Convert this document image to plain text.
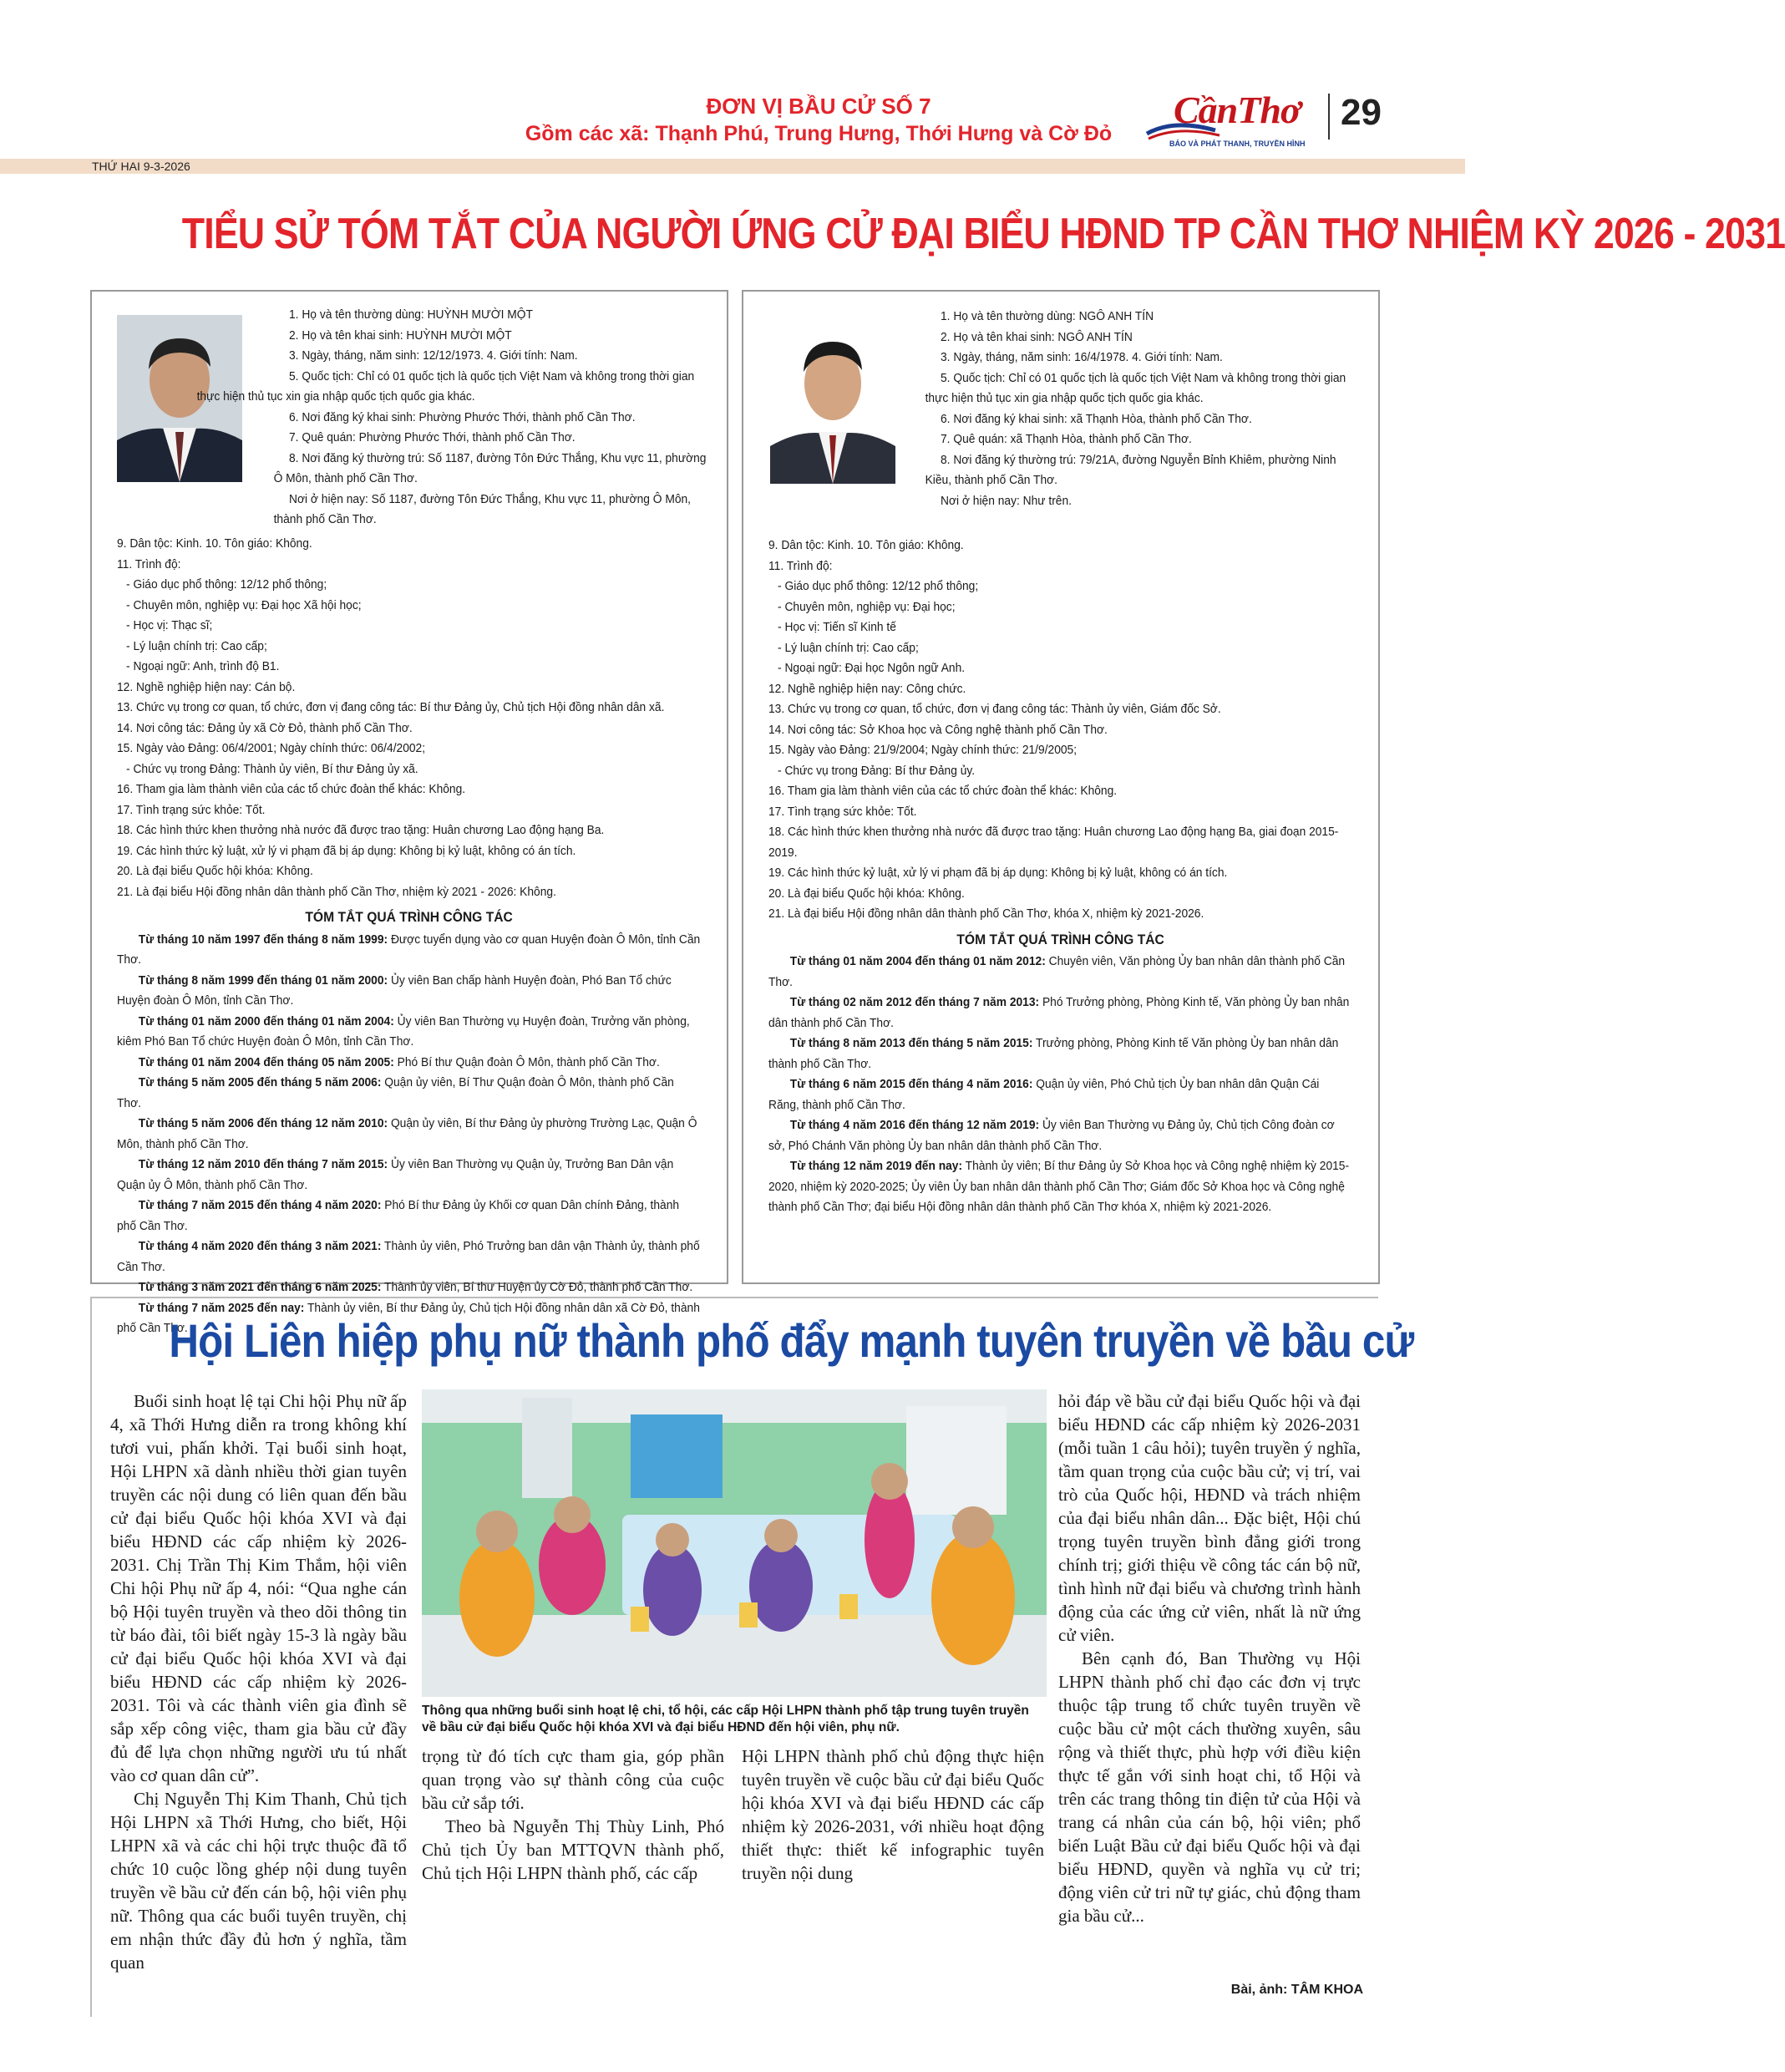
ĐƠN VỊ BẦU CỬ SỐ 7
Gồm các xã: Thạnh Phú, Trung Hưng, Thới Hưng và Cờ Đỏ
CầnThơ
BÁO VÀ PHÁT THANH, TRUYỀN HÌNH
29
THỨ HAI 9-3-2026
TIỂU SỬ TÓM TẮT CỦA NGƯỜI ỨNG CỬ ĐẠI BIỂU HĐND TP CẦN THƠ NHIỆM KỲ 2026 - 2031

1. Họ và tên thường dùng: HUỲNH MƯỜI MỘT

2. Họ và tên khai sinh: HUỲNH MƯỜI MỘT

3. Ngày, tháng, năm sinh: 12/12/1973. 4. Giới tính: Nam.

5. Quốc tịch: Chỉ có 01 quốc tịch là quốc tịch Việt Nam và không trong thời gian

thực hiện thủ tục xin gia nhập quốc tịch quốc gia khác.

6. Nơi đăng ký khai sinh: Phường Phước Thới, thành phố Cần Thơ.

7. Quê quán: Phường Phước Thới, thành phố Cần Thơ.

8. Nơi đăng ký thường trú: Số 1187, đường Tôn Đức Thắng, Khu vực 11, phường

Ô Môn, thành phố Cần Thơ.

Nơi ở hiện nay: Số 1187, đường Tôn Đức Thắng, Khu vực 11, phường Ô Môn,

thành phố Cần Thơ.

9. Dân tộc: Kinh. 10. Tôn giáo: Không.

11. Trình độ:

- Giáo dục phổ thông: 12/12 phổ thông;

- Chuyên môn, nghiệp vụ: Đại học Xã hội học;

- Học vị: Thạc sĩ;

- Lý luận chính trị: Cao cấp;

- Ngoại ngữ: Anh, trình độ B1.

12. Nghề nghiệp hiện nay: Cán bộ.

13. Chức vụ trong cơ quan, tổ chức, đơn vị đang công tác: Bí thư Đảng ủy, Chủ tịch Hội đồng nhân dân xã.

14. Nơi công tác: Đảng ủy xã Cờ Đỏ, thành phố Cần Thơ.

15. Ngày vào Đảng: 06/4/2001; Ngày chính thức: 06/4/2002;

- Chức vụ trong Đảng: Thành ủy viên, Bí thư Đảng ủy xã.

16. Tham gia làm thành viên của các tổ chức đoàn thể khác: Không.

17. Tình trạng sức khỏe: Tốt.

18. Các hình thức khen thưởng nhà nước đã được trao tặng: Huân chương Lao động hạng Ba.

19. Các hình thức kỷ luật, xử lý vi phạm đã bị áp dụng: Không bị kỷ luật, không có án tích.

20. Là đại biểu Quốc hội khóa: Không.

21. Là đại biểu Hội đồng nhân dân thành phố Cần Thơ, nhiệm kỳ 2021 - 2026: Không.

TÓM TẮT QUÁ TRÌNH CÔNG TÁC

Từ tháng 10 năm 1997 đến tháng 8 năm 1999: Được tuyển dụng vào cơ quan Huyện đoàn Ô Môn, tỉnh Cần Thơ.

Từ tháng 8 năm 1999 đến tháng 01 năm 2000: Ủy viên Ban chấp hành Huyện đoàn, Phó Ban Tổ chức Huyện đoàn Ô Môn, tỉnh Cần Thơ.

Từ tháng 01 năm 2000 đến tháng 01 năm 2004: Ủy viên Ban Thường vụ Huyện đoàn, Trưởng văn phòng, kiêm Phó Ban Tổ chức Huyện đoàn Ô Môn, tỉnh Cần Thơ.

Từ tháng 01 năm 2004 đến tháng 05 năm 2005: Phó Bí thư Quận đoàn Ô Môn, thành phố Cần Thơ.

Từ tháng 5 năm 2005 đến tháng 5 năm 2006: Quận ủy viên, Bí Thư Quận đoàn Ô Môn, thành phố Cần Thơ.

Từ tháng 5 năm 2006 đến tháng 12 năm 2010: Quận ủy viên, Bí thư Đảng ủy phường Trường Lạc, Quận Ô Môn, thành phố Cần Thơ.

Từ tháng 12 năm 2010 đến tháng 7 năm 2015: Ủy viên Ban Thường vụ Quận ủy, Trưởng Ban Dân vận Quận ủy Ô Môn, thành phố Cần Thơ.

Từ tháng 7 năm 2015 đến tháng 4 năm 2020: Phó Bí thư Đảng ủy Khối cơ quan Dân chính Đảng, thành phố Cần Thơ.

Từ tháng 4 năm 2020 đến tháng 3 năm 2021: Thành ủy viên, Phó Trưởng ban dân vận Thành ủy, thành phố Cần Thơ.

Từ tháng 3 năm 2021 đến tháng 6 năm 2025: Thành ủy viên, Bí thư Huyện ủy Cờ Đỏ, thành phố Cần Thơ.

Từ tháng 7 năm 2025 đến nay: Thành ủy viên, Bí thư Đảng ủy, Chủ tịch Hội đồng nhân dân xã Cờ Đỏ, thành phố Cần Thơ.

1. Họ và tên thường dùng: NGÔ ANH TÍN

2. Họ và tên khai sinh: NGÔ ANH TÍN

3. Ngày, tháng, năm sinh: 16/4/1978. 4. Giới tính: Nam.

5. Quốc tịch: Chỉ có 01 quốc tịch là quốc tịch Việt Nam và không trong thời gian

thực hiện thủ tục xin gia nhập quốc tịch quốc gia khác.

6. Nơi đăng ký khai sinh: xã Thạnh Hòa, thành phố Cần Thơ.

7. Quê quán: xã Thạnh Hòa, thành phố Cần Thơ.

8. Nơi đăng ký thường trú: 79/21A, đường Nguyễn Bỉnh Khiêm, phường Ninh

Kiều, thành phố Cần Thơ.

Nơi ở hiện nay: Như trên.

9. Dân tộc: Kinh. 10. Tôn giáo: Không.

11. Trình độ:

- Giáo dục phổ thông: 12/12 phổ thông;

- Chuyên môn, nghiệp vụ: Đại học;

- Học vị: Tiến sĩ Kinh tế

- Lý luận chính trị: Cao cấp;

- Ngoại ngữ: Đại học Ngôn ngữ Anh.

12. Nghề nghiệp hiện nay: Công chức.

13. Chức vụ trong cơ quan, tổ chức, đơn vị đang công tác: Thành ủy viên, Giám đốc Sở.

14. Nơi công tác: Sở Khoa học và Công nghệ thành phố Cần Thơ.

15. Ngày vào Đảng: 21/9/2004; Ngày chính thức: 21/9/2005;

- Chức vụ trong Đảng: Bí thư Đảng ủy.

16. Tham gia làm thành viên của các tổ chức đoàn thể khác: Không.

17. Tình trạng sức khỏe: Tốt.

18. Các hình thức khen thưởng nhà nước đã được trao tặng: Huân chương Lao động hạng Ba, giai đoạn 2015-2019.

19. Các hình thức kỷ luật, xử lý vi phạm đã bị áp dụng: Không bị kỷ luật, không có án tích.

20. Là đại biểu Quốc hội khóa: Không.

21. Là đại biểu Hội đồng nhân dân thành phố Cần Thơ, khóa X, nhiệm kỳ 2021-2026.

TÓM TẮT QUÁ TRÌNH CÔNG TÁC

Từ tháng 01 năm 2004 đến tháng 01 năm 2012: Chuyên viên, Văn phòng Ủy ban nhân dân thành phố Cần Thơ.

Từ tháng 02 năm 2012 đến tháng 7 năm 2013: Phó Trưởng phòng, Phòng Kinh tế, Văn phòng Ủy ban nhân dân thành phố Cần Thơ.

Từ tháng 8 năm 2013 đến tháng 5 năm 2015: Trưởng phòng, Phòng Kinh tế Văn phòng Ủy ban nhân dân thành phố Cần Thơ.

Từ tháng 6 năm 2015 đến tháng 4 năm 2016: Quận ủy viên, Phó Chủ tịch Ủy ban nhân dân Quận Cái Răng, thành phố Cần Thơ.

Từ tháng 4 năm 2016 đến tháng 12 năm 2019: Ủy viên Ban Thường vụ Đảng ủy, Chủ tịch Công đoàn cơ sở, Phó Chánh Văn phòng Ủy ban nhân dân thành phố Cần Thơ.

Từ tháng 12 năm 2019 đến nay: Thành ủy viên; Bí thư Đảng ủy Sở Khoa học và Công nghệ nhiệm kỳ 2015-2020, nhiệm kỳ 2020-2025; Ủy viên Ủy ban nhân dân thành phố Cần Thơ; Giám đốc Sở Khoa học và Công nghệ thành phố Cần Thơ; đại biểu Hội đồng nhân dân thành phố Cần Thơ khóa X, nhiệm kỳ 2021-2026.

Hội Liên hiệp phụ nữ thành phố đẩy mạnh tuyên truyền về bầu cử

Buổi sinh hoạt lệ tại Chi hội Phụ nữ ấp 4, xã Thới Hưng diễn ra trong không khí tươi vui, phấn khởi. Tại buổi sinh hoạt, Hội LHPN xã dành nhiều thời gian tuyên truyền các nội dung có liên quan đến bầu cử đại biểu Quốc hội khóa XVI và đại biểu HĐND các cấp nhiệm kỳ 2026-2031. Chị Trần Thị Kim Thắm, hội viên Chi hội Phụ nữ ấp 4, nói: “Qua nghe cán bộ Hội tuyên truyền và theo dõi thông tin từ báo đài, tôi biết ngày 15-3 là ngày bầu cử đại biểu Quốc hội khóa XVI và đại biểu HĐND các cấp nhiệm kỳ 2026-2031. Tôi và các thành viên gia đình sẽ sắp xếp công việc, tham gia bầu cử đầy đủ để lựa chọn những người ưu tú nhất vào cơ quan dân cử”.

Chị Nguyễn Thị Kim Thanh, Chủ tịch Hội LHPN xã Thới Hưng, cho biết, Hội LHPN xã và các chi hội trực thuộc đã tổ chức 10 cuộc lồng ghép nội dung tuyên truyền về bầu cử đến cán bộ, hội viên phụ nữ. Thông qua các buổi tuyên truyền, chị em nhận thức đầy đủ hơn ý nghĩa, tầm quan

Thông qua những buổi sinh hoạt lệ chi, tổ hội, các cấp Hội LHPN thành phố tập trung tuyên truyền về bầu cử đại biểu Quốc hội khóa XVI và đại biểu HĐND đến hội viên, phụ nữ.

trọng từ đó tích cực tham gia, góp phần quan trọng vào sự thành công của cuộc bầu cử sắp tới.

Theo bà Nguyễn Thị Thùy Linh, Phó Chủ tịch Ủy ban MTTQVN thành phố, Chủ tịch Hội LHPN thành phố, các cấp

Hội LHPN thành phố chủ động thực hiện tuyên truyền về cuộc bầu cử đại biểu Quốc hội khóa XVI và đại biểu HĐND các cấp nhiệm kỳ 2026-2031, với nhiều hoạt động thiết thực: thiết kế infographic tuyên truyền nội dung

hỏi đáp về bầu cử đại biểu Quốc hội và đại biểu HĐND các cấp nhiệm kỳ 2026-2031 (mỗi tuần 1 câu hỏi); tuyên truyền ý nghĩa, tầm quan trọng của cuộc bầu cử; vị trí, vai trò của Quốc hội, HĐND và trách nhiệm của đại biểu nhân dân... Đặc biệt, Hội chú trọng tuyên truyền bình đẳng giới trong chính trị; giới thiệu về công tác cán bộ nữ, tình hình nữ đại biểu và chương trình hành động của các ứng cử viên, nhất là nữ ứng cử viên.

Bên cạnh đó, Ban Thường vụ Hội LHPN thành phố chỉ đạo các đơn vị trực thuộc tập trung tổ chức tuyên truyền về cuộc bầu cử một cách thường xuyên, sâu rộng và thiết thực, phù hợp với điều kiện thực tế gắn với sinh hoạt chi, tổ Hội và trên các trang thông tin điện tử của Hội và trang cá nhân của cán bộ, hội viên; phổ biến Luật Bầu cử đại biểu Quốc hội và đại biểu HĐND, quyền và nghĩa vụ cử tri; động viên cử tri nữ tự giác, chủ động tham gia bầu cử...

Bài, ảnh: TÂM KHOA
